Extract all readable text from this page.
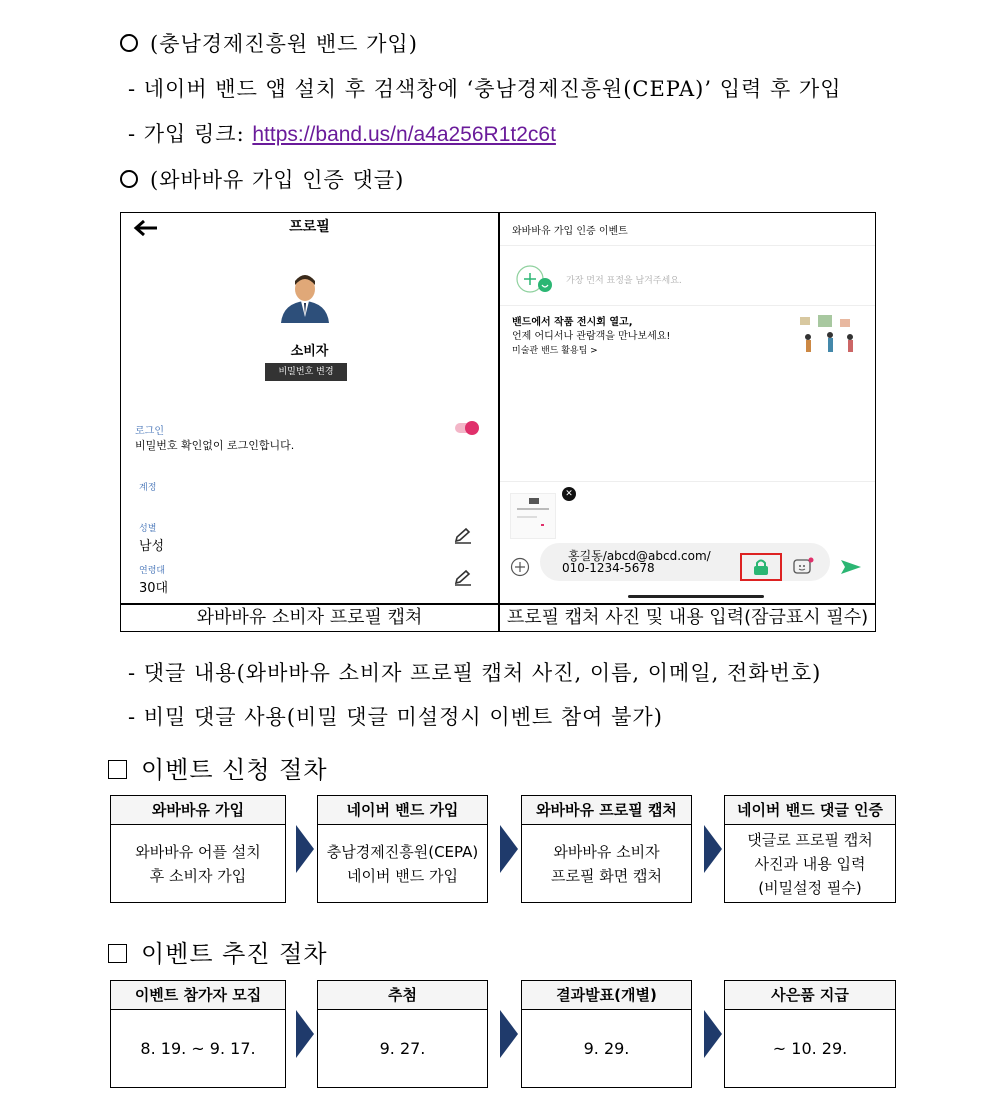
(충남경제진흥원 밴드 가입)
- 네이버 밴드 앱 설치 후 검색창에 ‘충남경제진흥원(CEPA)’ 입력 후 가입
- 가입 링크: https://band.us/n/a4a256R1t2c6t
(와바바유 가입 인증 댓글)
프로필
소비자
비밀번호 변경
로그인
비밀번호 확인없이 로그인합니다.
계정
성별
남성
연령대
30대
와바바유 가입 인증 이벤트
가장 먼저 표정을 남겨주세요.
밴드에서 작품 전시회 열고,
언제 어디서나 관람객을 만나보세요!
미술관 밴드 활용팁 >
✕
홍길동/abcd@abcd.com/
010-1234-5678
와바바유 소비자 프로필 캡쳐	프로필 캡처 사진 및 내용 입력(잠금표시 필수)
- 댓글 내용(와바바유 소비자 프로필 캡처 사진, 이름, 이메일, 전화번호)
- 비밀 댓글 사용(비밀 댓글 미설정시 이벤트 참여 불가)
이벤트 신청 절차
와바바유 가입
와바바유 어플 설치
후 소비자 가입
네이버 밴드 가입
충남경제진흥원(CEPA)
네이버 밴드 가입
와바바유 프로필 캡처
와바바유 소비자
프로필 화면 캡처
네이버 밴드 댓글 인증
댓글로 프로필 캡처
사진과 내용 입력
(비밀설정 필수)
이벤트 추진 절차
이벤트 참가자 모집
8. 19. ~ 9. 17.
추첨
9. 27.
결과발표(개별)
9. 29.
사은품 지급
~ 10. 29.
